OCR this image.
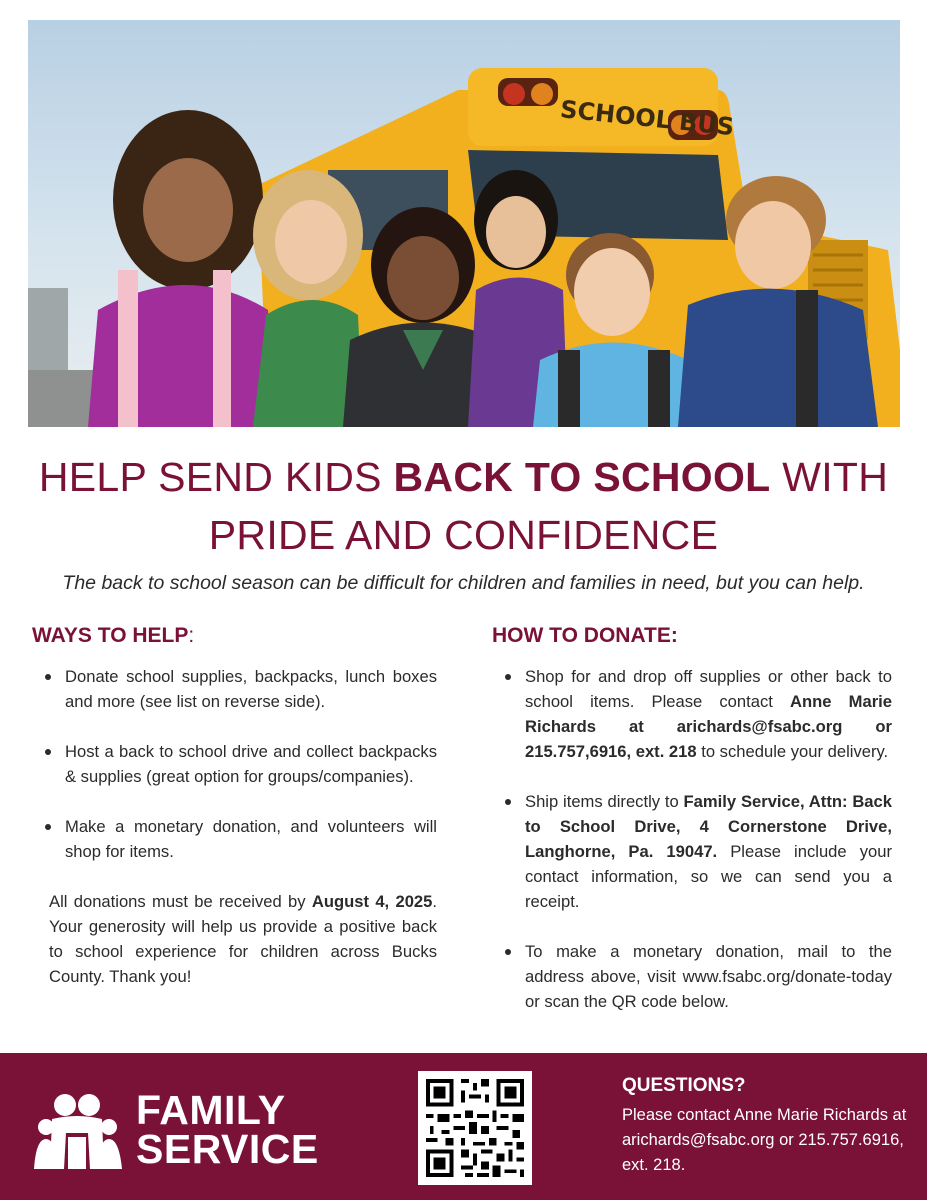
SCHOOL BUS
HELP SEND KIDS BACK TO SCHOOL WITH
PRIDE AND CONFIDENCE
The back to school season can be difficult for children and families in need, but you can help.
WAYS TO HELP:
Donate school supplies, backpacks, lunch boxes and more (see list on reverse side).
Host a back to school drive and collect backpacks & supplies (great option for groups/companies).
Make a monetary donation, and volunteers will shop for items.

All donations must be received by August 4, 2025. Your generosity will help us provide a positive back to school experience for children across Bucks County. Thank you!

HOW TO DONATE:
Shop for and drop off supplies or other back to school items. Please contact Anne Marie Richards at arichards@fsabc.org or 215.757,6916, ext. 218 to schedule your delivery.
Ship items directly to Family Service, Attn: Back to School Drive, 4 Cornerstone Drive, Langhorne, Pa. 19047. Please include your contact information, so we can send you a receipt.
To make a monetary donation, mail to the address above, visit www.fsabc.org/donate-today or scan the QR code below.
FAMILY
SERVICE
QUESTIONS?

Please contact Anne Marie Richards at arichards@fsabc.org or 215.757.6916, ext. 218.
